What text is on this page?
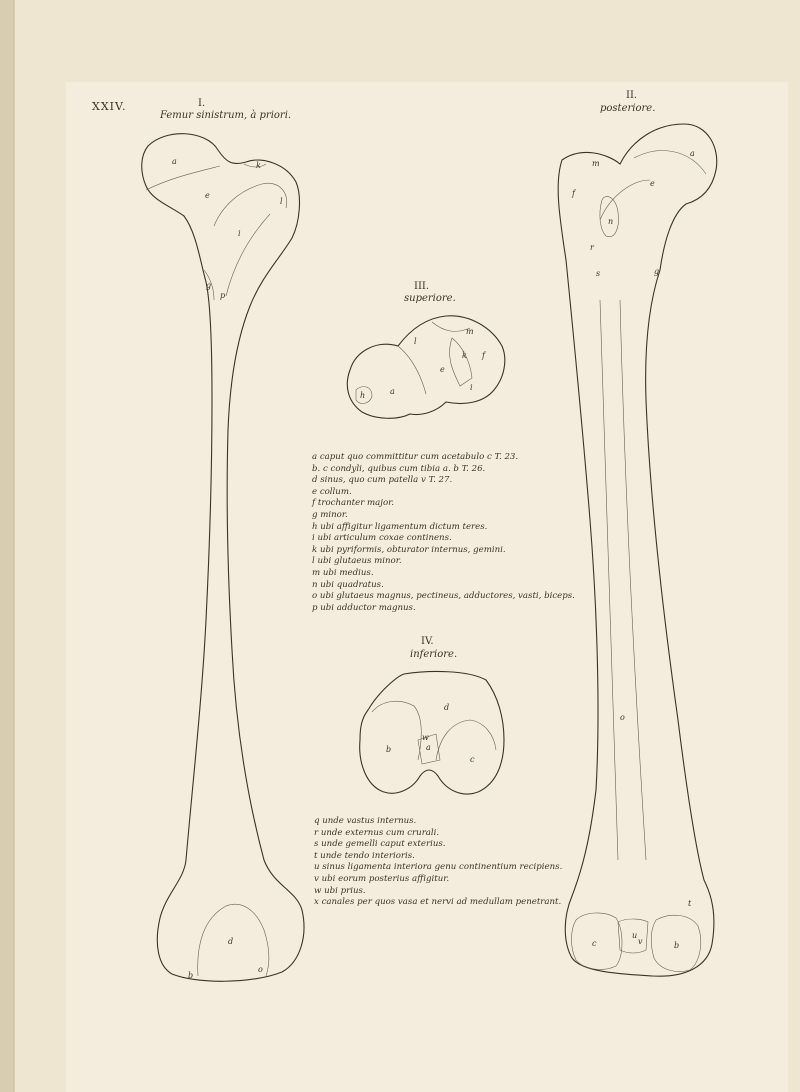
XXIV.	I.
Femur sinistrum, à priori.
II.
posteriore.
III.
superiore.
IV.
inferiore.
a
e
k
l
i
g
p
d
b
o
a
m
e
n
f
r
g
s
o
t
u
c	b
v
m
k f
e
i
a
h
l
d
b
c
a
w
a caput quo committitur cum acetabulo c T. 23.
b. c condyli, quibus cum tibia a. b T. 26.
d sinus, quo cum patella v T. 27.
e collum.
f trochanter major.
g minor.
h ubi affigitur ligamentum dictum teres.
i ubi articulum coxae continens.
k ubi pyriformis, obturator internus, gemini.
l ubi glutaeus minor.
m ubi medius.
n ubi quadratus.
o ubi glutaeus magnus, pectineus, adductores, vasti, biceps.
p ubi adductor magnus.
q unde vastus internus.
r unde externus cum crurali.
s unde gemelli caput exterius.
t unde tendo interioris.
u sinus ligamenta interiora genu continentium recipiens.
v ubi eorum posterius affigitur.
w ubi prius.
x canales per quos vasa et nervi ad medullam penetrant.
